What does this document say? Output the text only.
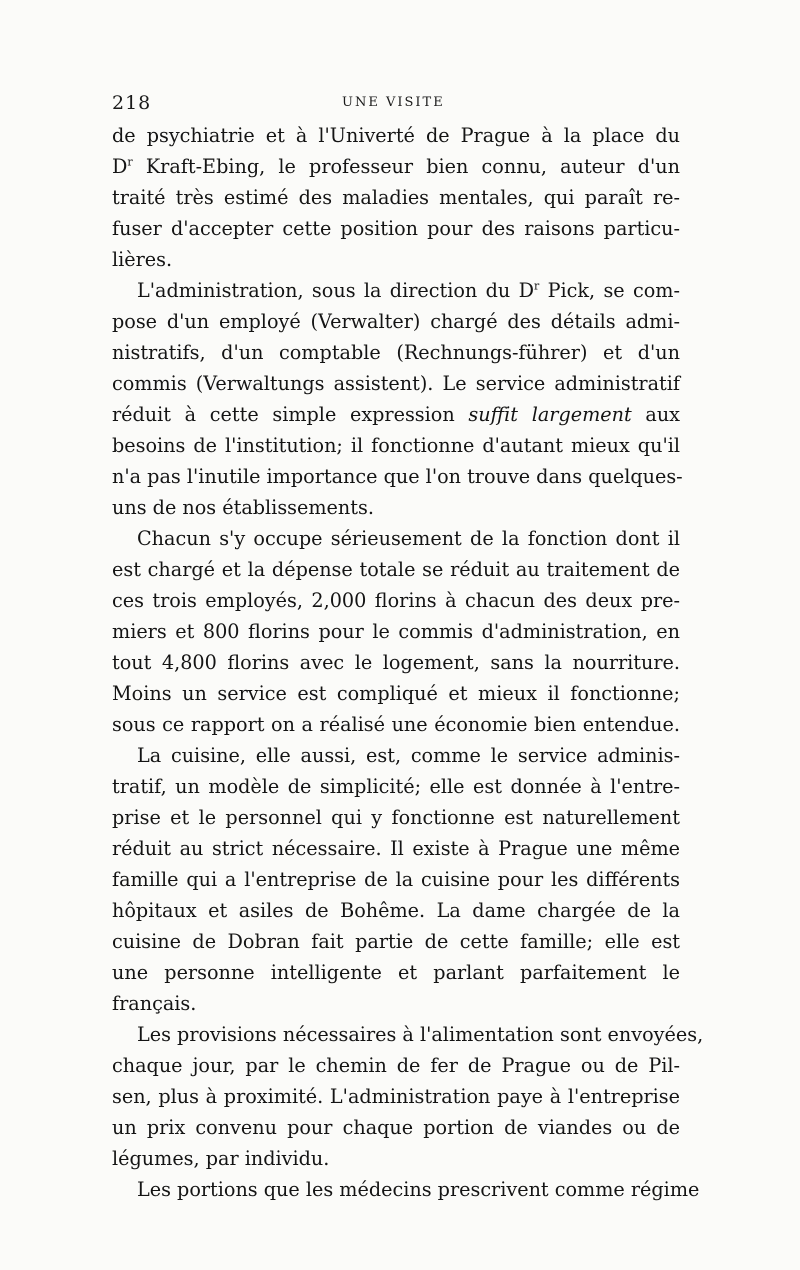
218	UNE VISITE
de psychiatrie et à l'Univerté de Prague à la place du
$D^r$ Kraft-Ebing, le professeur bien connu, auteur d'un
traité très estimé des maladies mentales, qui paraît re-
fuser d'accepter cette position pour des raisons particu-
lières.
L'administration, sous la direction du $D^r$ Pick, se com-
pose d'un employé (Verwalter) chargé des détails admi-
nistratifs, d'un comptable (Rechnungs-führer) et d'un
commis (Verwaltungs assistent). Le service administratif
réduit à cette simple expression suffit largement aux
besoins de l'institution; il fonctionne d'autant mieux qu'il
n'a pas l'inutile importance que l'on trouve dans quelques-
uns de nos établissements.
Chacun s'y occupe sérieusement de la fonction dont il
est chargé et la dépense totale se réduit au traitement de
ces trois employés, 2,000 florins à chacun des deux pre-
miers et 800 florins pour le commis d'administration, en
tout 4,800 florins avec le logement, sans la nourriture.
Moins un service est compliqué et mieux il fonctionne;
sous ce rapport on a réalisé une économie bien entendue.
La cuisine, elle aussi, est, comme le service adminis-
tratif, un modèle de simplicité; elle est donnée à l'entre-
prise et le personnel qui y fonctionne est naturellement
réduit au strict nécessaire. Il existe à Prague une même
famille qui a l'entreprise de la cuisine pour les différents
hôpitaux et asiles de Bohême. La dame chargée de la
cuisine de Dobran fait partie de cette famille; elle est
une personne intelligente et parlant parfaitement le
français.
Les provisions nécessaires à l'alimentation sont envoyées,
chaque jour, par le chemin de fer de Prague ou de Pil-
sen, plus à proximité. L'administration paye à l'entreprise
un prix convenu pour chaque portion de viandes ou de
légumes, par individu.
Les portions que les médecins prescrivent comme régime
